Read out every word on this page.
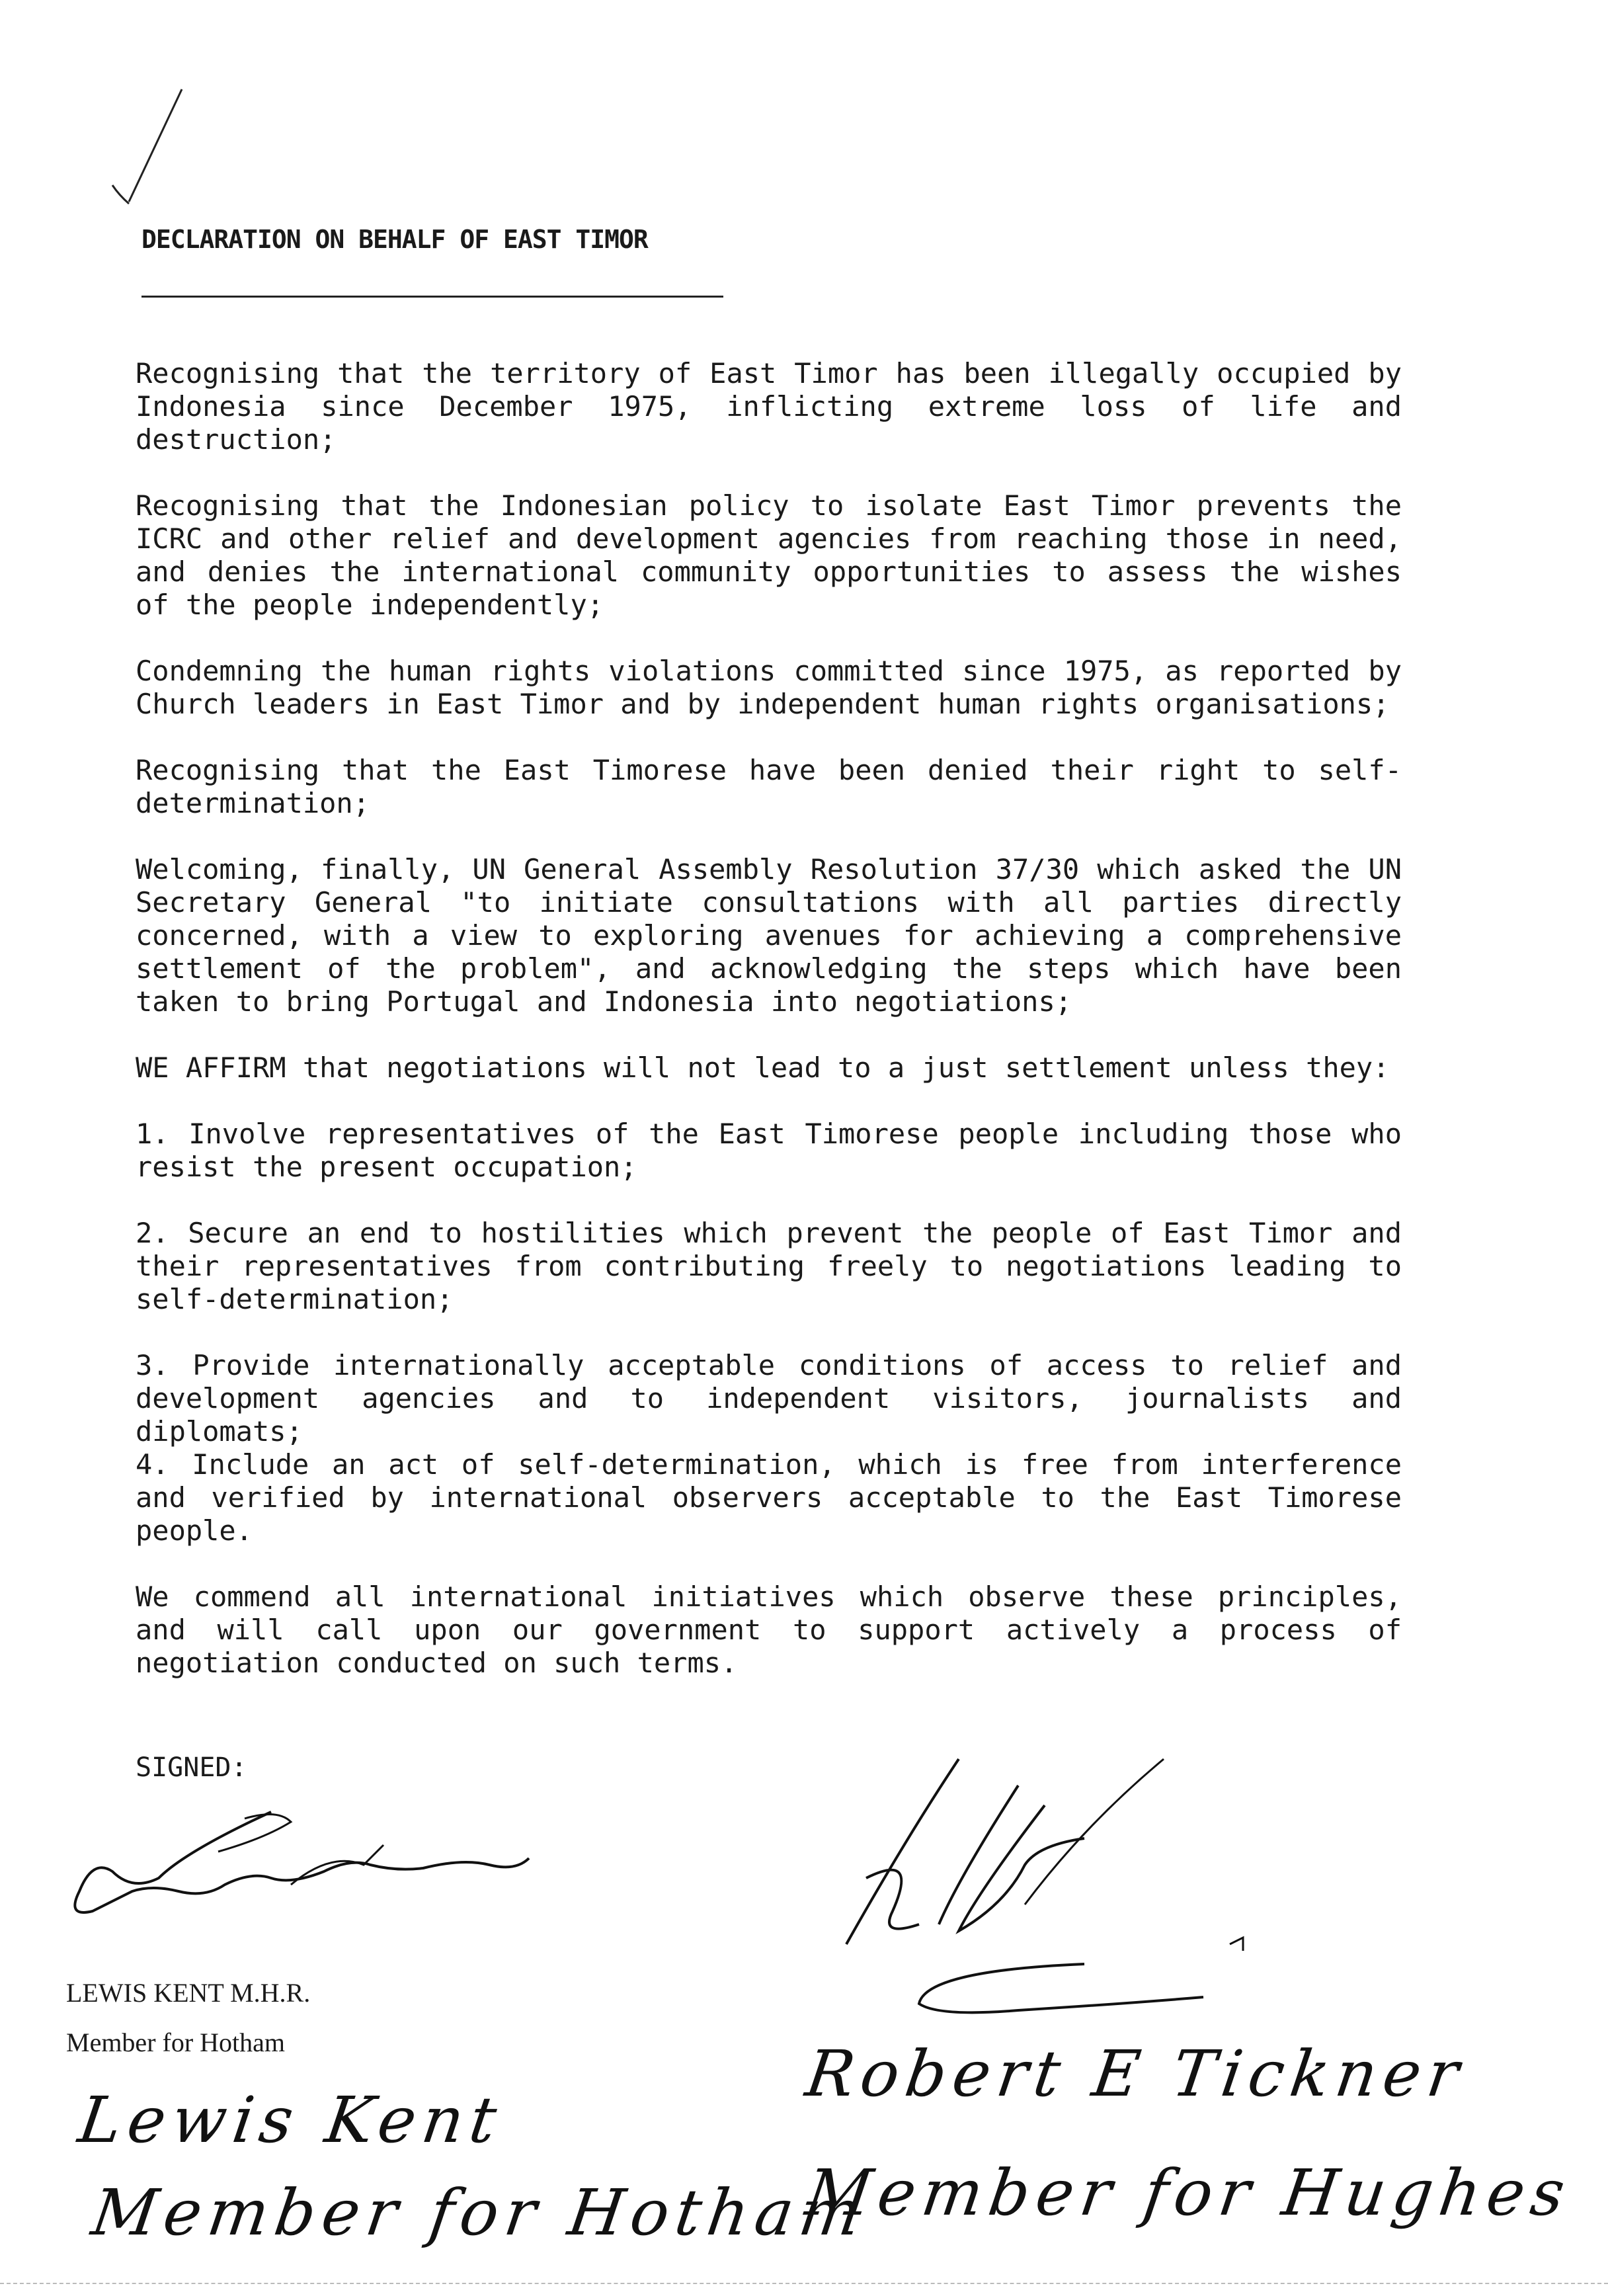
DECLARATION ON BEHALF OF EAST TIMOR

Recognising that the territory of East Timor has been illegally occupied by Indonesia since December 1975, inflicting extreme loss of life and destruction;

Recognising that the Indonesian policy to isolate East Timor prevents the ICRC and other relief and development agencies from reaching those in need, and denies the international community opportunities to assess the wishes of the people independently;

Condemning the human rights violations committed since 1975, as reported by Church leaders in East Timor and by independent human rights organisations;

Recognising that the East Timorese have been denied their right to self-determination;

Welcoming, finally, UN General Assembly Resolution 37/30 which asked the UN Secretary General "to initiate consultations with all parties directly concerned, with a view to exploring avenues for achieving a comprehensive settlement of the problem", and acknowledging the steps which have been taken to bring Portugal and Indonesia into negotiations;

WE AFFIRM that negotiations will not lead to a just settlement unless they:

1. Involve representatives of the East Timorese people including those who resist the present occupation;

2. Secure an end to hostilities which prevent the people of East Timor and their representatives from contributing freely to negotiations leading to self-determination;

3. Provide internationally acceptable conditions of access to relief and development agencies and to independent visitors, journalists and diplomats;

4. Include an act of self-determination, which is free from interference and verified by international observers acceptable to the East Timorese people.

We commend all international initiatives which observe these principles, and will call upon our government to support actively a process of negotiation conducted on such terms.

SIGNED:
LEWIS KENT M.H.R.
Member for Hotham
Lewis Kent
Member for Hotham
Robert E Tickner
Member for Hughes
